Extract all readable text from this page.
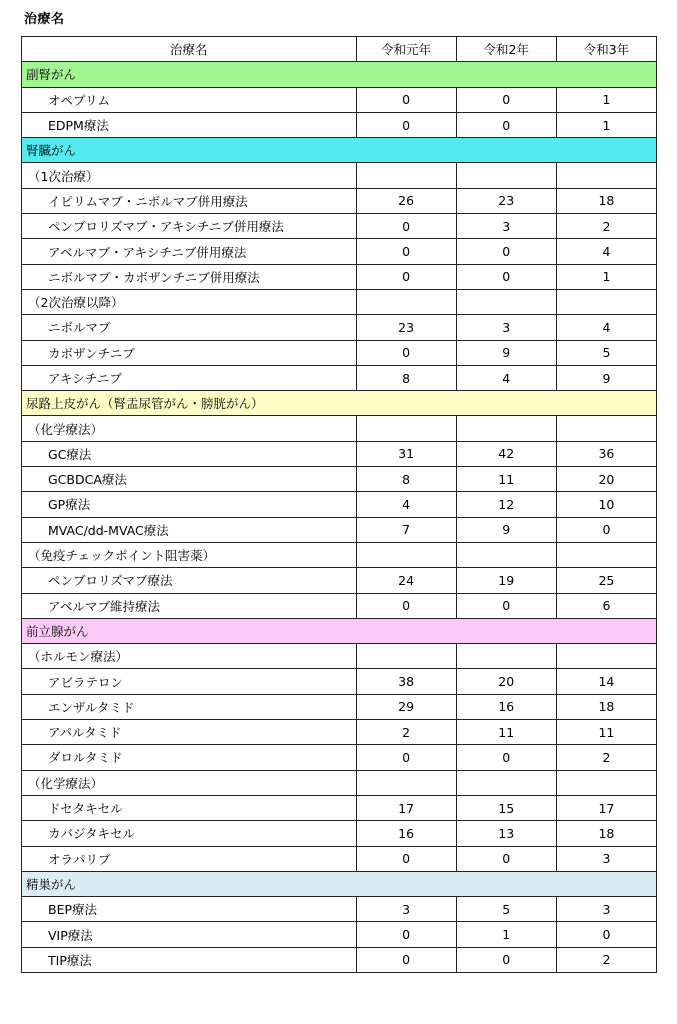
治療名
治療名	令和元年	令和2年	令和3年
副腎がん			
オペプリム	0	0	1
EDPM療法	0	0	1
腎臓がん			
（1次治療）			
イピリムマブ・ニボルマブ併用療法	26	23	18
ペンブロリズマブ・アキシチニブ併用療法	0	3	2
アベルマブ・アキシチニブ併用療法	0	0	4
ニボルマブ・カボザンチニブ併用療法	0	0	1
（2次治療以降）			
ニボルマブ	23	3	4
カボザンチニブ	0	9	5
アキシチニブ	8	4	9
尿路上皮がん（腎盂尿管がん・膀胱がん）			
（化学療法）			
GC療法	31	42	36
GCBDCA療法	8	11	20
GP療法	4	12	10
MVAC/dd-MVAC療法	7	9	0
（免疫チェックポイント阻害薬）			
ペンブロリズマブ療法	24	19	25
アベルマブ維持療法	0	0	6
前立腺がん			
（ホルモン療法）			
アビラテロン	38	20	14
エンザルタミド	29	16	18
アパルタミド	2	11	11
ダロルタミド	0	0	2
（化学療法）			
ドセタキセル	17	15	17
カバジタキセル	16	13	18
オラパリブ	0	0	3
精巣がん			
BEP療法	3	5	3
VIP療法	0	1	0
TIP療法	0	0	2
